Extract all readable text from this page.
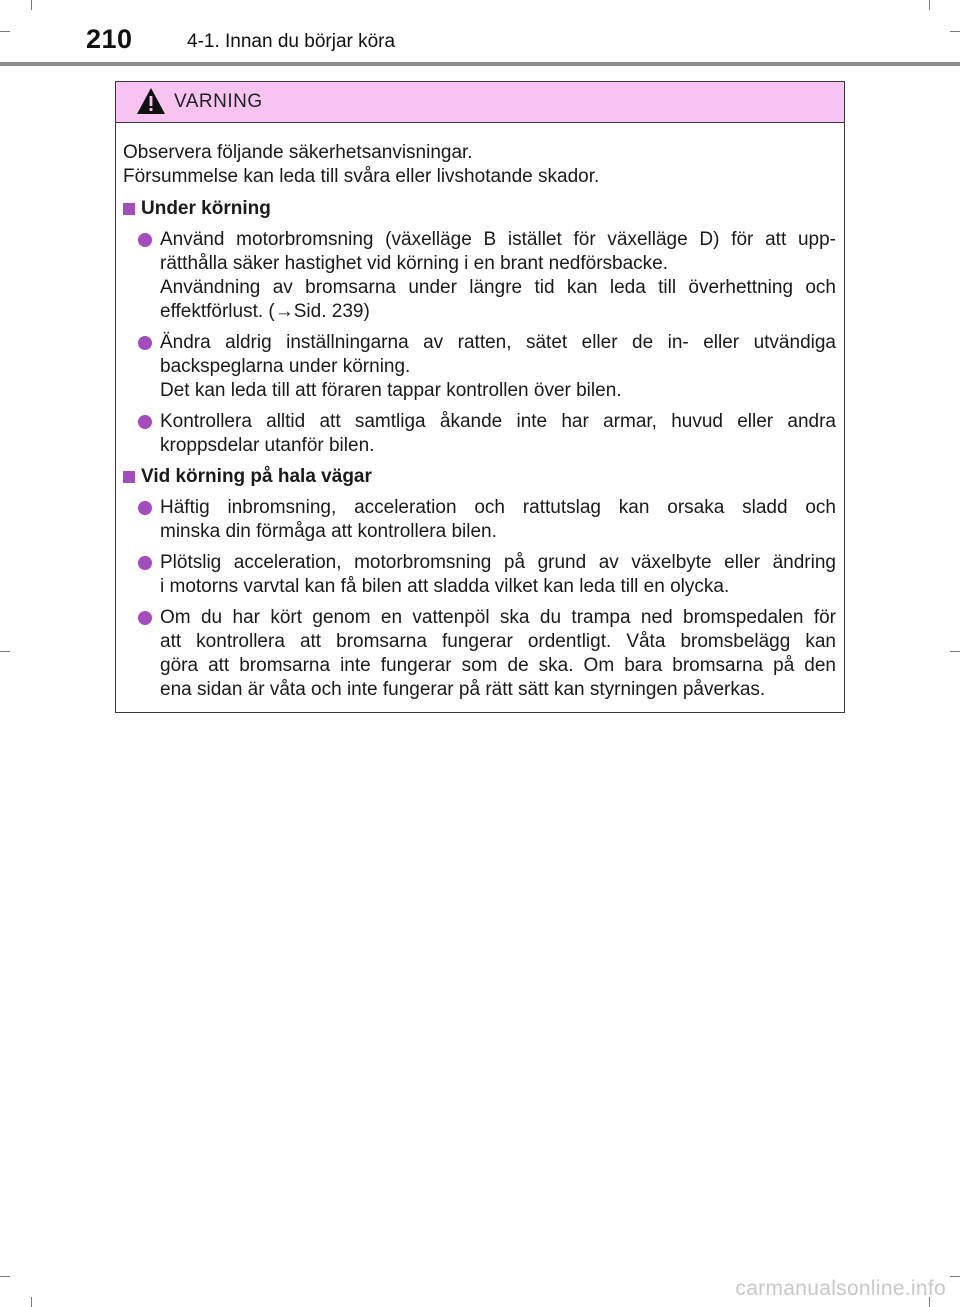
210	4-1. Innan du börjar köra
VARNING

Observera följande säkerhetsanvisningar.
Försummelse kan leda till svåra eller livshotande skador.

Under körning
Använd motorbromsning (växelläge B istället för växelläge D) för att upp-
rätthålla säker hastighet vid körning i en brant nedförsbacke.
Användning av bromsarna under längre tid kan leda till överhettning och
effektförlust. (→Sid. 239)
Ändra aldrig inställningarna av ratten, sätet eller de in- eller utvändiga
backspeglarna under körning.
Det kan leda till att föraren tappar kontrollen över bilen.
Kontrollera alltid att samtliga åkande inte har armar, huvud eller andra
kroppsdelar utanför bilen.
Vid körning på hala vägar
Häftig inbromsning, acceleration och rattutslag kan orsaka sladd och
minska din förmåga att kontrollera bilen.
Plötslig acceleration, motorbromsning på grund av växelbyte eller ändring
i motorns varvtal kan få bilen att sladda vilket kan leda till en olycka.
Om du har kört genom en vattenpöl ska du trampa ned bromspedalen för
att kontrollera att bromsarna fungerar ordentligt. Våta bromsbelägg kan
göra att bromsarna inte fungerar som de ska. Om bara bromsarna på den
ena sidan är våta och inte fungerar på rätt sätt kan styrningen påverkas.
carmanualsonline.info
